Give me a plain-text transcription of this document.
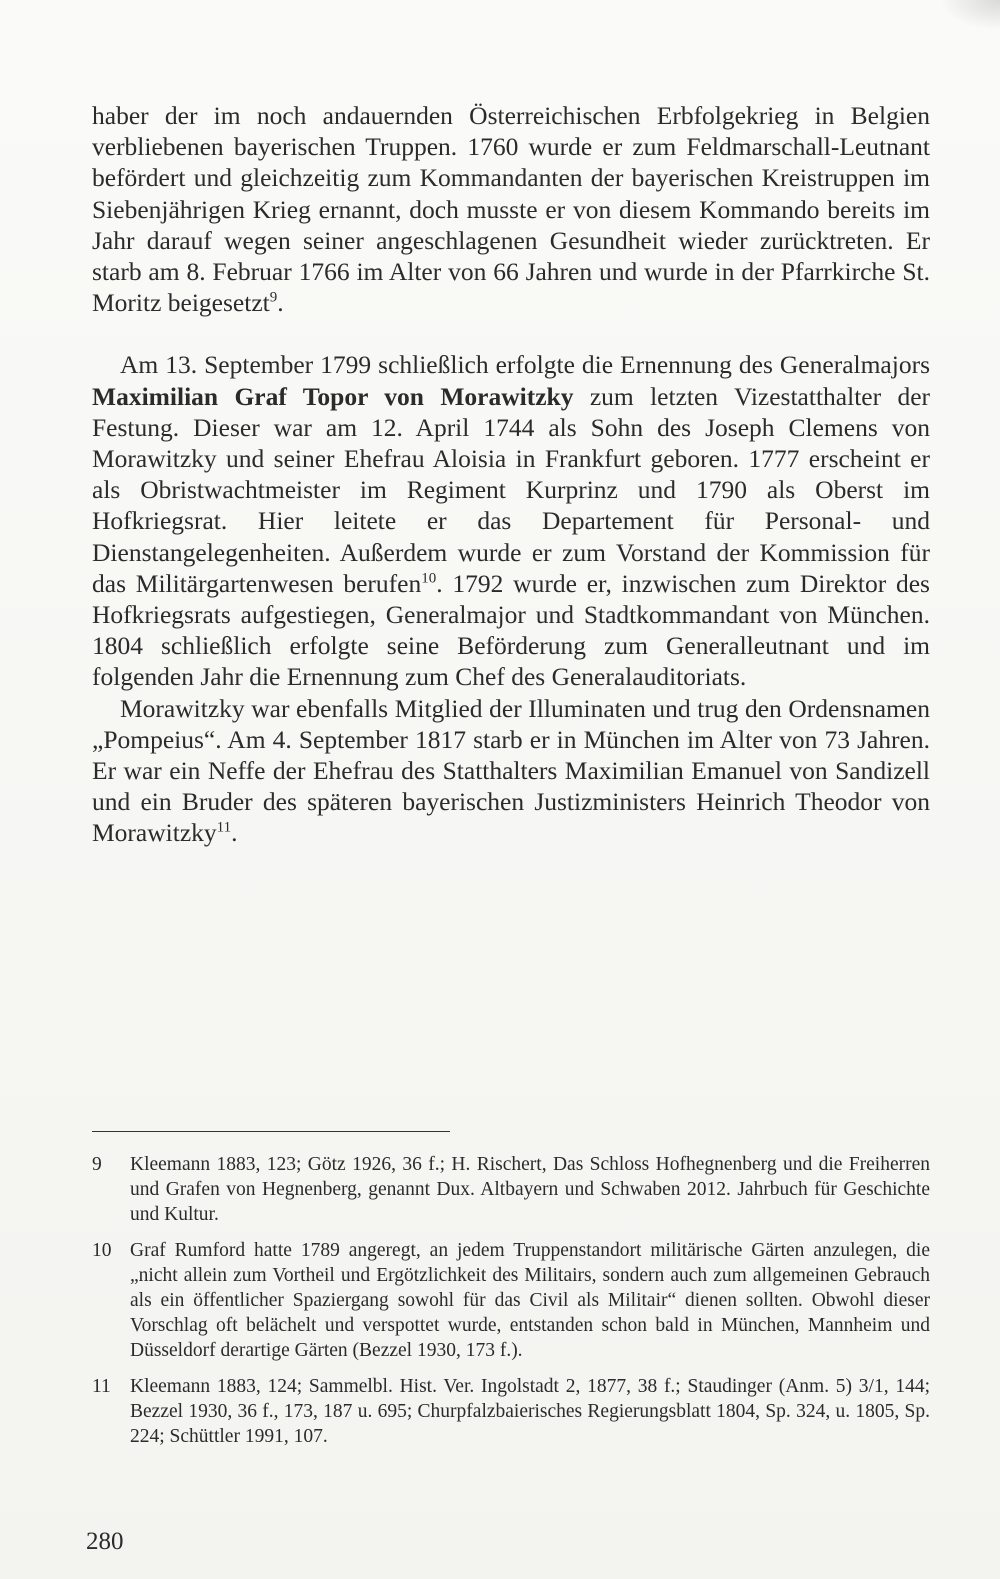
haber der im noch andauernden Österreichischen Erbfolgekrieg in Belgien verbliebenen bayerischen Truppen. 1760 wurde er zum Feldmarschall-Leutnant befördert und gleichzeitig zum Kommandanten der bayerischen Kreistruppen im Siebenjährigen Krieg ernannt, doch musste er von diesem Kommando bereits im Jahr darauf wegen seiner angeschlagenen Gesundheit wieder zurücktreten. Er starb am 8. Februar 1766 im Alter von 66 Jahren und wurde in der Pfarrkirche St. Moritz beigesetzt$^9$.

Am 13. September 1799 schließlich erfolgte die Ernennung des Generalmajors Maximilian Graf Topor von Morawitzky zum letzten Vizestatthalter der Festung. Dieser war am 12. April 1744 als Sohn des Joseph Clemens von Morawitzky und seiner Ehefrau Aloisia in Frankfurt geboren. 1777 erscheint er als Obristwachtmeister im Regiment Kurprinz und 1790 als Oberst im Hofkriegsrat. Hier leitete er das Departement für Personal- und Dienstangelegenheiten. Außerdem wurde er zum Vorstand der Kommission für das Militärgartenwesen berufen$^{10}$. 1792 wurde er, inzwischen zum Direktor des Hofkriegsrats aufgestiegen, Generalmajor und Stadtkommandant von München. 1804 schließlich erfolgte seine Beförderung zum Generalleutnant und im folgenden Jahr die Ernennung zum Chef des Generalauditoriats.

Morawitzky war ebenfalls Mitglied der Illuminaten und trug den Ordensnamen „Pompeius“. Am 4. September 1817 starb er in München im Alter von 73 Jahren. Er war ein Neffe der Ehefrau des Statthalters Maximilian Emanuel von Sandizell und ein Bruder des späteren bayerischen Justizministers Heinrich Theodor von Morawitzky$^{11}$.

9	Kleemann 1883, 123; Götz 1926, 36 f.; H. Rischert, Das Schloss Hofhegnenberg und die Freiherren und Grafen von Hegnenberg, genannt Dux. Altbayern und Schwaben 2012. Jahrbuch für Geschichte und Kultur.
10 Graf Rumford hatte 1789 angeregt, an jedem Truppenstandort militärische Gärten anzulegen, die „nicht allein zum Vortheil und Ergötzlichkeit des Militairs, sondern auch zum allgemeinen Gebrauch als ein öffentlicher Spaziergang sowohl für das Civil als Militair“ dienen sollten. Obwohl dieser Vorschlag oft belächelt und verspottet wurde, entstanden schon bald in München, Mannheim und Düsseldorf derartige Gärten (Bezzel 1930, 173 f.).
11 Kleemann 1883, 124; Sammelbl. Hist. Ver. Ingolstadt 2, 1877, 38 f.; Staudinger (Anm. 5) 3/1, 144; Bezzel 1930, 36 f., 173, 187 u. 695; Churpfalzbaierisches Regierungsblatt 1804, Sp. 324, u. 1805, Sp. 224; Schüttler 1991, 107.
280
